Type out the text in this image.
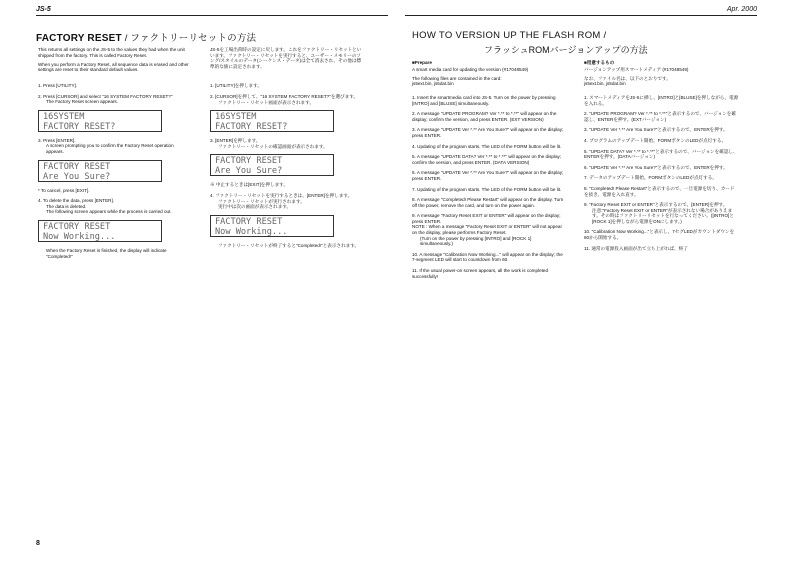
JS-5	Apr. 2000
FACTORY RESET / ファクトリーリセットの方法

This returns all settings on the JS-5 to the values they had when the unit shipped from the factory. This is called Factory Reset.

When you perform a Factory Reset, all sequence data is erased and other settings are reset to their standard default values.

1. Press [UTILITY].
2. Press [CURSOR] and select "16 SYSTEM FACTORY RESET?"
The Factory Reset screen appears.
16SYSTEM
FACTORY RESET?
3. Press [ENTER].
A screen prompting you to confirm the Factory Reset operation appears.
FACTORY RESET
Are You Sure?
* To cancel, press [EXIT].
4. To delete the data, press [ENTER].
The data is deleted.
The following screen appears while the process is carried out.
FACTORY RESET
Now Working...
When the Factory Reset is finished, the display will indicate "Completed!"

JS-5を工場出荷時の設定に戻します。これをファクトリー・リセットといいます。ファクトリー・リセットを実行すると、ユーザー・メモリーのソング/スタイルのデータ(シーケンス・データ)は全て消去され、その他は標準的な値に設定されます。

1. [UTILITY]を押します。
2. [CURSOR]を押して、"16 SYSTEM FACTORY RESET?"を選びます。
ファクトリー・リセット画面が表示されます。
16SYSTEM
FACTORY RESET?
3. [ENTER]を押します。
ファクトリー・リセットの確認画面が表示されます。
FACTORY RESET
Are You Sure?
※ 中止するときは[EXIT]を押します。
4. ファクトリー・リセットを実行するときは、[ENTER]を押します。
ファクトリー・リセットが実行されます。
実行中は次の画面が表示されます。
FACTORY RESET
Now Working...
ファクトリー・リセットが終了すると"Completed!"と表示されます。
HOW TO VERSION UP THE FLASH ROM /
フラッシュROMバージョンアップの方法

■Prepare

A smart media card for updating the version (#17048549)

The following files are contained in the card:
js5ext.bin, js5dat.bin

1. Insert the smartmedia card into JS-5. Turn on the power by pressing [INTRO] and [BLUSE] simultaneously.
2. A message "UPDATE PROGRAM? Ver *.** to *.**" will appear on the display; confirm the version, and press ENTER. (EXT VERSION)
3. A message "UPDATE Ver *.** Are You Sure?" will appear on the display; press ENTER.
4. Updating of the program starts. The LED of the FORM button will be lit.
5. A message "UPDATE DATA? Ver *.** to *.**" will appear on the display; confirm the version, and press ENTER. (DATA VERSION)
6. A message "UPDATE Ver *.** Are You Sure?" will appear on the display; press ENTER.
7. Updating of the program starts. The LED of the FORM button will be lit.
8. A message "Completed! Please Restart" will appear on the display. Turn off the power, remove the card, and turn on the power again.
9. A message "Factory Reset EXIT or ENTER" will appear on the display; press ENTER.
NOTE : When a message "Factory Reset EXIT or ENTER" will not appear on the display, please performs Factory Reset.
(Turn on the power by pressing [INTRO] and [ROCK 1] simultaneously.)
10. A message "Calibration Now Working..." will appear on the display; the 7-segment LED will start to countdown from 60.
11. If the usual power-on screen appears, all the work is completed successfully!

■用意するもの

バージョンアップ用スマートメディア (#17048549)

なお、ファイル名は、以下のとおりです。
js5ext.bin, js5dat.bin

1. スマートメディアをJS-5に挿し、[INTRO]と[BLUSE]を押しながら、電源を入れる。
2. "UPDATE PROGRAM? Ver *.** to *.**"と表示するので、バージョンを確認し、ENTERを押す。(EXTバージョン)
3. "UPDATE Ver *.** Are You Sure?"と表示するので、ENTERを押す。
4. プログラムのアップデート開始。FORMボタンのLEDが点灯する。
5. "UPDATE DATA? Ver *.** to *.**"と表示するので、バージョンを確認し、ENTERを押す。(DATAバージョン)
6. "UPDATE Ver *.** Are You Sure?"と表示するので、ENTERを押す。
7. データのアップデート開始。FORMボタンのLEDが点灯する。
8. "Completed! Please Restart"と表示するので、一旦電源を切り、カードを抜き、電源を入れ直す。
9. "Factory Reset EXIT or ENTER"と表示するので、[ENTER]を押す。
注意:"Factory Reset EXIT or ENTER"が表示されない場合がありえます。その時はファクトリーリセットを行なってください。([INTRO]と[ROCK 1]を押しながら電源をONにします。)
10. "Calibration Now Working..."と表示し、7セグLEDがカウントダウンを60から開始する。
11. 通常の電源投入画面が出て立ち上がれば、終了
8
